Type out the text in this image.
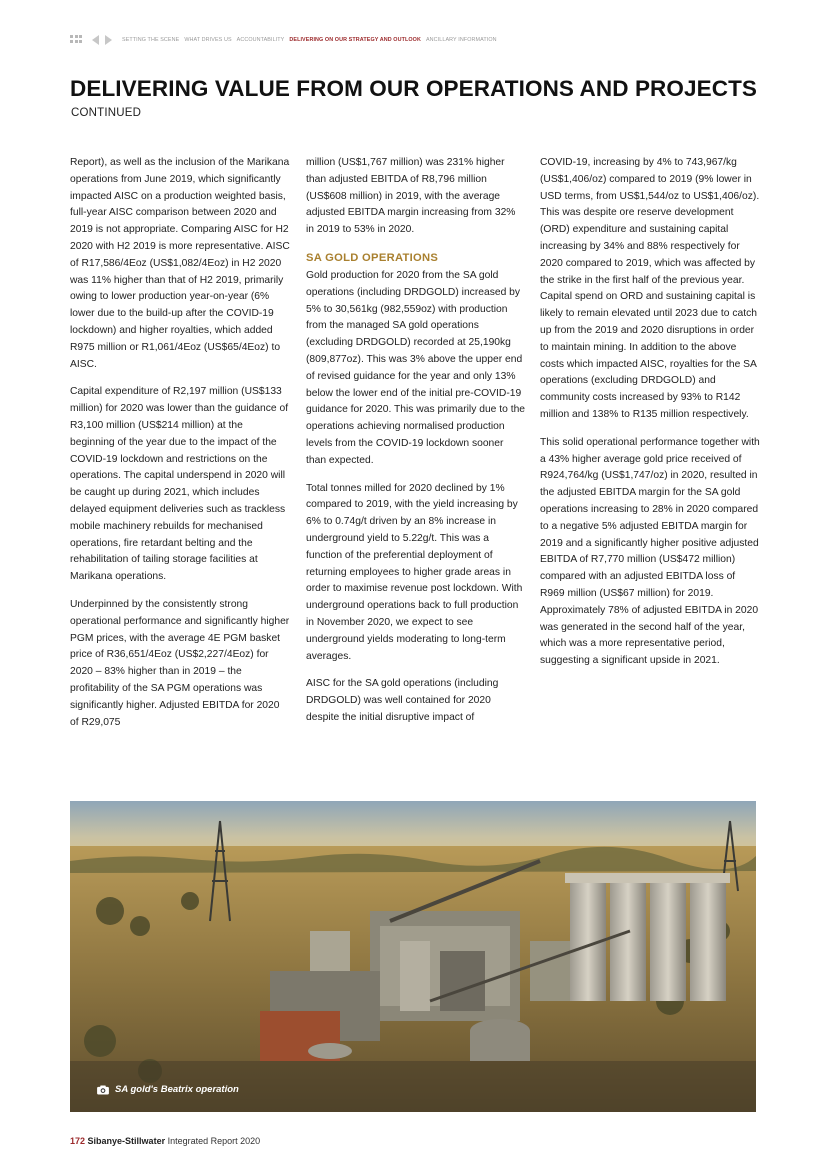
SETTING THE SCENE WHAT DRIVES US ACCOUNTABILITY DELIVERING ON OUR STRATEGY AND OUTLOOK ANCILLARY INFORMATION
DELIVERING VALUE FROM OUR OPERATIONS AND PROJECTS
CONTINUED

Report), as well as the inclusion of the Marikana operations from June 2019, which significantly impacted AISC on a production weighted basis, full-year AISC comparison between 2020 and 2019 is not appropriate. Comparing AISC for H2 2020 with H2 2019 is more representative. AISC of R17,586/4Eoz (US$1,082/4Eoz) in H2 2020 was 11% higher than that of H2 2019, primarily owing to lower production year-on-year (6% lower due to the build-up after the COVID-19 lockdown) and higher royalties, which added R975 million or R1,061/4Eoz (US$65/4Eoz) to AISC.

Capital expenditure of R2,197 million (US$133 million) for 2020 was lower than the guidance of R3,100 million (US$214 million) at the beginning of the year due to the impact of the COVID-19 lockdown and restrictions on the operations. The capital underspend in 2020 will be caught up during 2021, which includes delayed equipment deliveries such as trackless mobile machinery rebuilds for mechanised operations, fire retardant belting and the rehabilitation of tailing storage facilities at Marikana operations.

Underpinned by the consistently strong operational performance and significantly higher PGM prices, with the average 4E PGM basket price of R36,651/4Eoz (US$2,227/4Eoz) for 2020 – 83% higher than in 2019 – the profitability of the SA PGM operations was significantly higher. Adjusted EBITDA for 2020 of R29,075

million (US$1,767 million) was 231% higher than adjusted EBITDA of R8,796 million (US$608 million) in 2019, with the average adjusted EBITDA margin increasing from 32% in 2019 to 53% in 2020.

SA GOLD OPERATIONS

Gold production for 2020 from the SA gold operations (including DRDGOLD) increased by 5% to 30,561kg (982,559oz) with production from the managed SA gold operations (excluding DRDGOLD) recorded at 25,190kg (809,877oz). This was 3% above the upper end of revised guidance for the year and only 13% below the lower end of the initial pre-COVID-19 guidance for 2020. This was primarily due to the operations achieving normalised production levels from the COVID-19 lockdown sooner than expected.

Total tonnes milled for 2020 declined by 1% compared to 2019, with the yield increasing by 6% to 0.74g/t driven by an 8% increase in underground yield to 5.22g/t. This was a function of the preferential deployment of returning employees to higher grade areas in order to maximise revenue post lockdown. With underground operations back to full production in November 2020, we expect to see underground yields moderating to long-term averages.

AISC for the SA gold operations (including DRDGOLD) was well contained for 2020 despite the initial disruptive impact of

COVID-19, increasing by 4% to 743,967/kg (US$1,406/oz) compared to 2019 (9% lower in USD terms, from US$1,544/oz to US$1,406/oz). This was despite ore reserve development (ORD) expenditure and sustaining capital increasing by 34% and 88% respectively for 2020 compared to 2019, which was affected by the strike in the first half of the previous year. Capital spend on ORD and sustaining capital is likely to remain elevated until 2023 due to catch up from the 2019 and 2020 disruptions in order to maintain mining. In addition to the above costs which impacted AISC, royalties for the SA operations (excluding DRDGOLD) and community costs increased by 93% to R142 million and 138% to R135 million respectively.

This solid operational performance together with a 43% higher average gold price received of R924,764/kg (US$1,747/oz) in 2020, resulted in the adjusted EBITDA margin for the SA gold operations increasing to 28% in 2020 compared to a negative 5% adjusted EBITDA margin for 2019 and a significantly higher positive adjusted EBITDA of R7,770 million (US$472 million) compared with an adjusted EBITDA loss of R969 million (US$67 million) for 2019. Approximately 78% of adjusted EBITDA in 2020 was generated in the second half of the year, which was a more representative period, suggesting a significant upside in 2021.

SA gold's Beatrix operation
172 Sibanye-Stillwater Integrated Report 2020
